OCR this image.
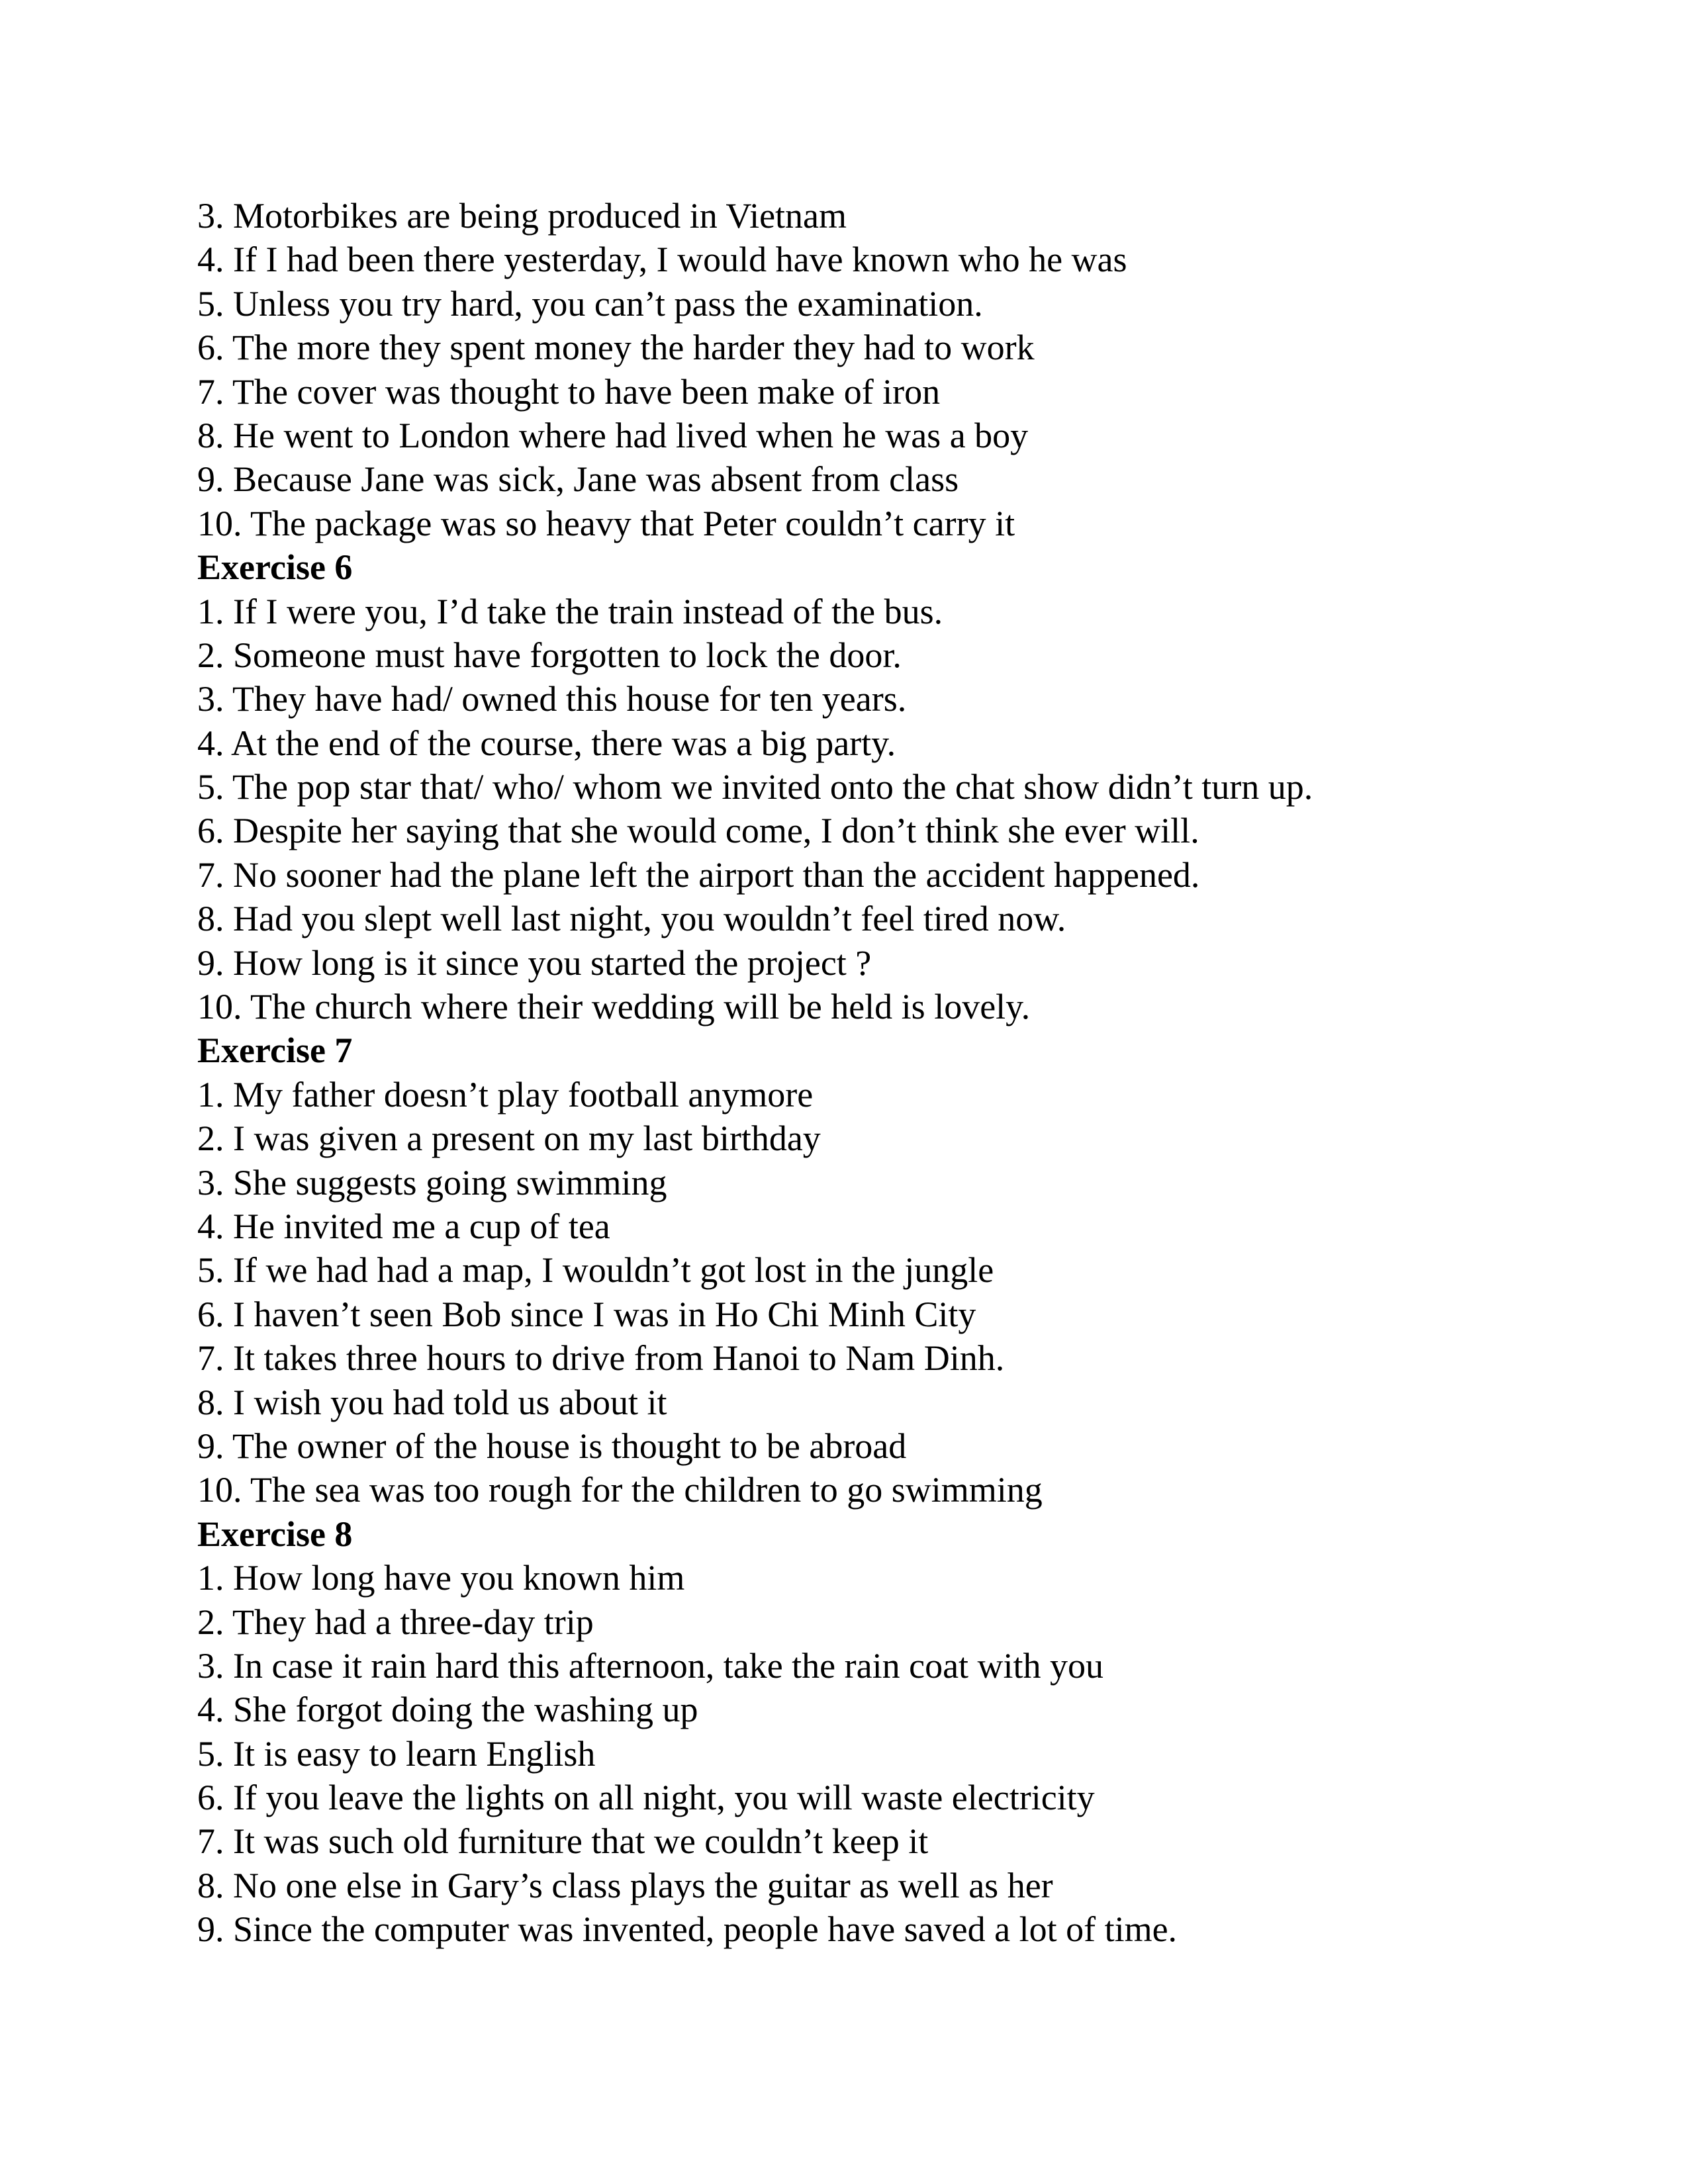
3. Motorbikes are being produced in Vietnam

4. If I had been there yesterday, I would have known who he was

5. Unless you try hard, you can’t pass the examination.

6. The more they spent money the harder they had to work

7. The cover was thought to have been make of iron

8. He went to London where had lived when he was a boy

9. Because Jane was sick, Jane was absent from class

10. The package was so heavy that Peter couldn’t carry it

Exercise 6

1. If I were you, I’d take the train instead of the bus.

2. Someone must have forgotten to lock the door.

3. They have had/ owned this house for ten years.

4. At the end of the course, there was a big party.

5. The pop star that/ who/ whom we invited onto the chat show didn’t turn up.

6. Despite her saying that she would come, I don’t think she ever will.

7. No sooner had the plane left the airport than the accident happened.

8. Had you slept well last night, you wouldn’t feel tired now.

9. How long is it since you started the project ?

10. The church where their wedding will be held is lovely.

Exercise 7

1. My father doesn’t play football anymore

2. I was given a present on my last birthday

3. She suggests going swimming

4. He invited me a cup of tea

5. If we had had a map, I wouldn’t got lost in the jungle

6. I haven’t seen Bob since I was in Ho Chi Minh City

7. It takes three hours to drive from Hanoi to Nam Dinh.

8. I wish you had told us about it

9. The owner of the house is thought to be abroad

10. The sea was too rough for the children to go swimming

Exercise 8

1. How long have you known him

2. They had a three-day trip

3. In case it rain hard this afternoon, take the rain coat with you

4. She forgot doing the washing up

5. It is easy to learn English

6. If you leave the lights on all night, you will waste electricity

7. It was such old furniture that we couldn’t keep it

8. No one else in Gary’s class plays the guitar as well as her

9. Since the computer was invented, people have saved a lot of time.
